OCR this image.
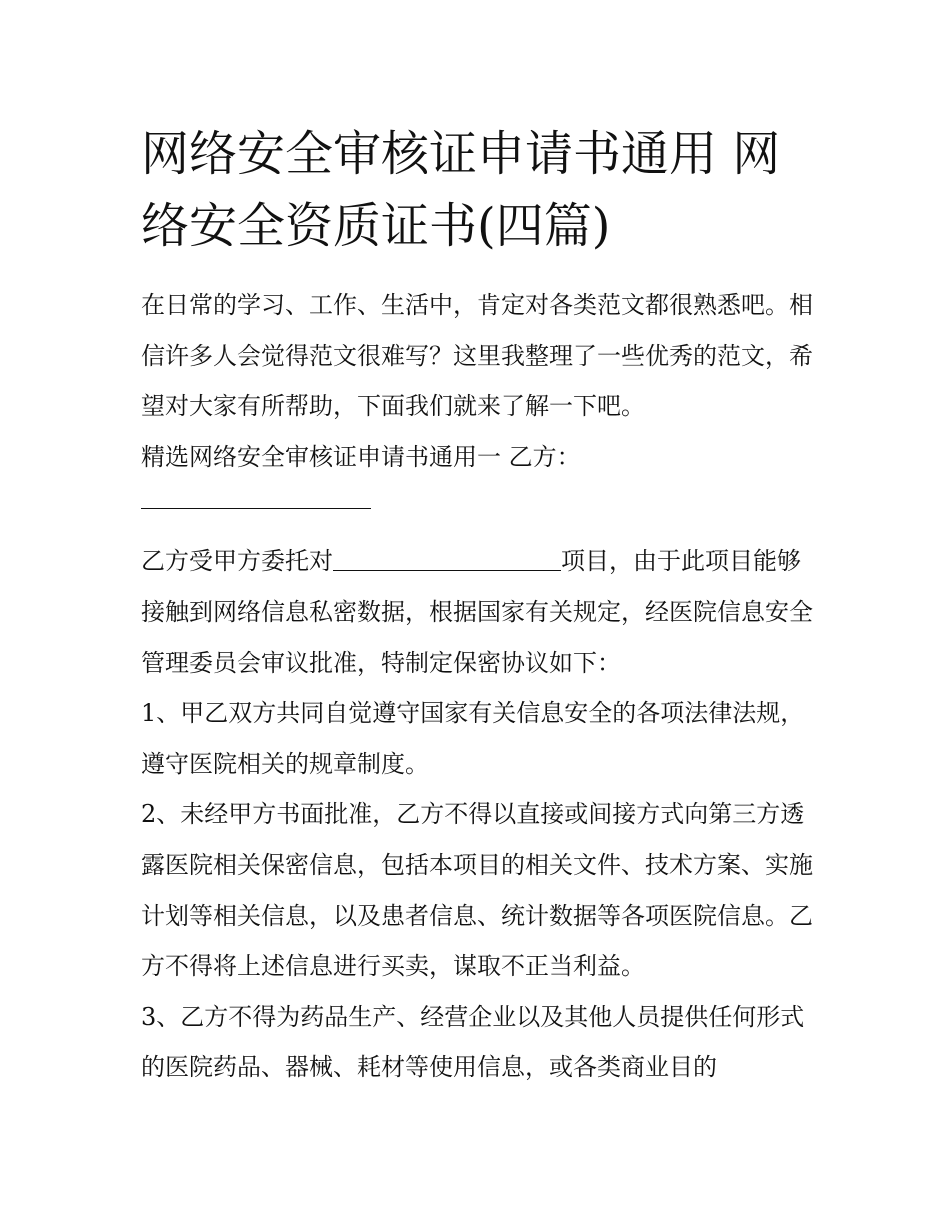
网络安全审核证申请书通用 网络安全资质证书(四篇)

在日常的学习、工作、生活中，肯定对各类范文都很熟悉吧。相信许多人会觉得范文很难写？这里我整理了一些优秀的范文，希望对大家有所帮助，下面我们就来了解一下吧。

精选网络安全审核证申请书通用一 乙方：

乙方受甲方委托对	项目，由于此项目能够接触到网络信息私密数据，根据国家有关规定，经医院信息安全管理委员会审议批准，特制定保密协议如下：

1、甲乙双方共同自觉遵守国家有关信息安全的各项法律法规，遵守医院相关的规章制度。

2、未经甲方书面批准，乙方不得以直接或间接方式向第三方透露医院相关保密信息，包括本项目的相关文件、技术方案、实施计划等相关信息，以及患者信息、统计数据等各项医院信息。乙方不得将上述信息进行买卖，谋取不正当利益。

3、乙方不得为药品生产、经营企业以及其他人员提供任何形式的医院药品、器械、耗材等使用信息，或各类商业目的
